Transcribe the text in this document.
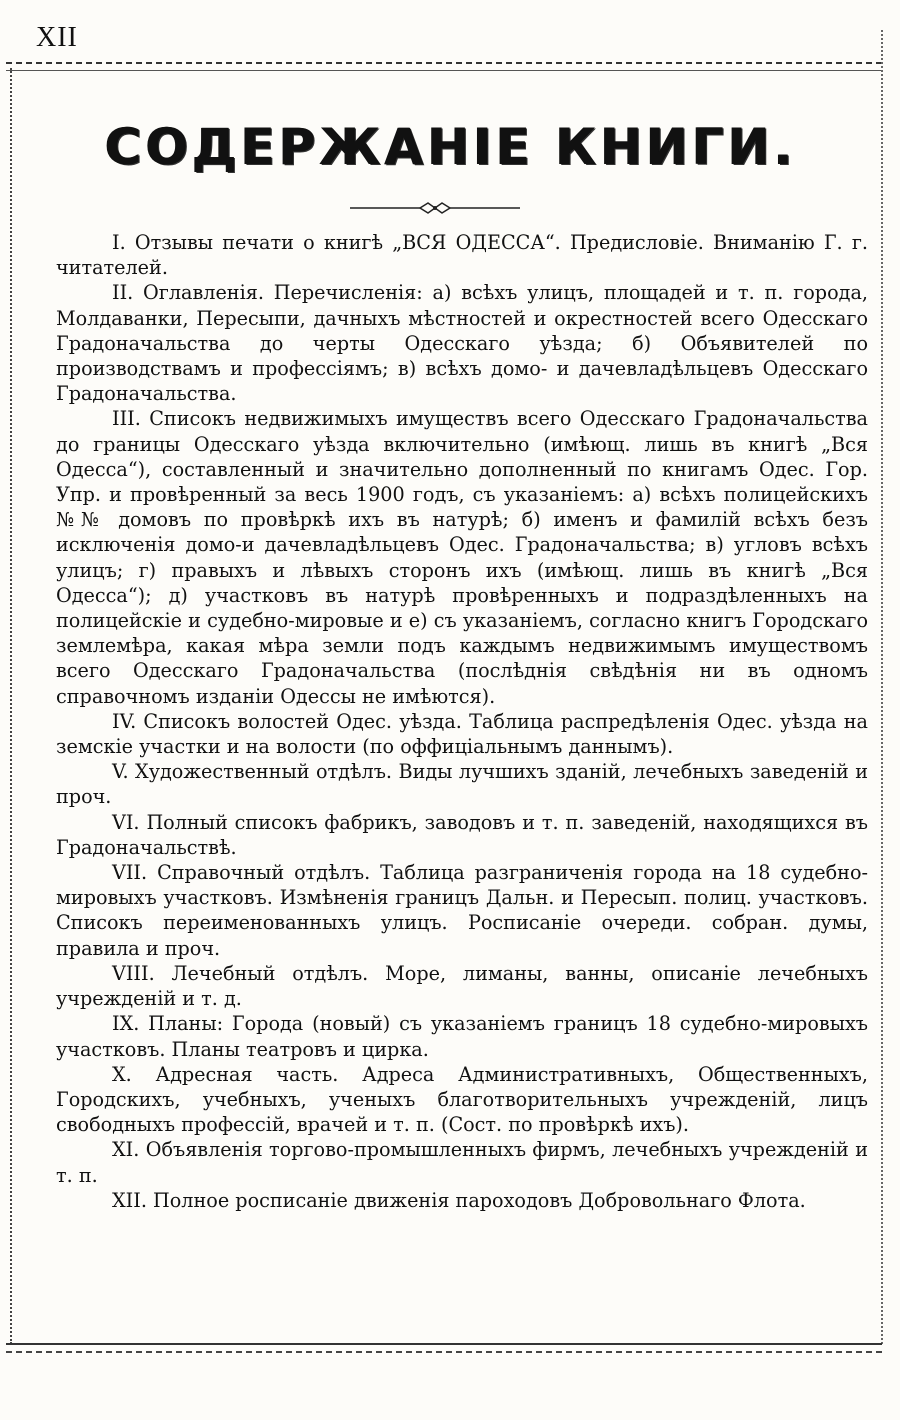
XII
СОДЕРЖАНІЕ КНИГИ.

I. Отзывы печати о книгѣ „ВСЯ ОДЕССА“. Предисловіе. Вниманію Г. г. читателей.

II. Оглавленія. Перечисленія: а) всѣхъ улицъ, площадей и т. п. города, Молдаванки, Пересыпи, дачныхъ мѣстностей и окрестностей всего Одесскаго Градоначальства до черты Одесскаго уѣзда; б) Объявителей по производствамъ и профессіямъ; в) всѣхъ домо- и дачевладѣльцевъ Одесскаго Градоначальства.

III. Списокъ недвижимыхъ имуществъ всего Одесскаго Градоначальства до границы Одесскаго уѣзда включительно (имѣющ. лишь въ книгѣ „Вся Одесса“), составленный и значительно дополненный по книгамъ Одес. Гор. Упр. и провѣренный за весь 1900 годъ, съ указаніемъ: а) всѣхъ полицейскихъ №№ домовъ по провѣркѣ ихъ въ натурѣ; б) именъ и фамилій всѣхъ безъ исключенія домо-и дачевладѣльцевъ Одес. Градоначальства; в) угловъ всѣхъ улицъ; г) правыхъ и лѣвыхъ сторонъ ихъ (имѣющ. лишь въ книгѣ „Вся Одесса“); д) участковъ въ натурѣ провѣренныхъ и подраздѣленныхъ на полицейскіе и судебно-мировые и е) съ указаніемъ, согласно книгъ Городскаго землемѣра, какая мѣра земли подъ каждымъ недвижимымъ имуществомъ всего Одесскаго Градоначальства (послѣднія свѣдѣнія ни въ одномъ справочномъ изданіи Одессы не имѣются).

IV. Списокъ волостей Одес. уѣзда. Таблица распредѣленія Одес. уѣзда на земскіе участки и на волости (по оффиціальнымъ даннымъ).

V. Художественный отдѣлъ. Виды лучшихъ зданій, лечебныхъ заведеній и проч.

VI. Полный списокъ фабрикъ, заводовъ и т. п. заведеній, находящихся въ Градоначальствѣ.

VII. Справочный отдѣлъ. Таблица разграниченія города на 18 судебно-мировыхъ участковъ. Измѣненія границъ Дальн. и Пересып. полиц. участковъ. Списокъ переименованныхъ улицъ. Росписаніе очереди. собран. думы, правила и проч.

VIII. Лечебный отдѣлъ. Море, лиманы, ванны, описаніе лечебныхъ учрежденій и т. д.

IX. Планы: Города (новый) съ указаніемъ границъ 18 судебно-мировыхъ участковъ. Планы театровъ и цирка.

X. Адресная часть. Адреса Административныхъ, Общественныхъ, Городскихъ, учебныхъ, ученыхъ благотворительныхъ учрежденій, лицъ свободныхъ профессій, врачей и т. п. (Сост. по провѣркѣ ихъ).

XI. Объявленія торгово-промышленныхъ фирмъ, лечебныхъ учрежденій и т. п.

XII. Полное росписаніе движенія пароходовъ Добровольнаго Флота.
